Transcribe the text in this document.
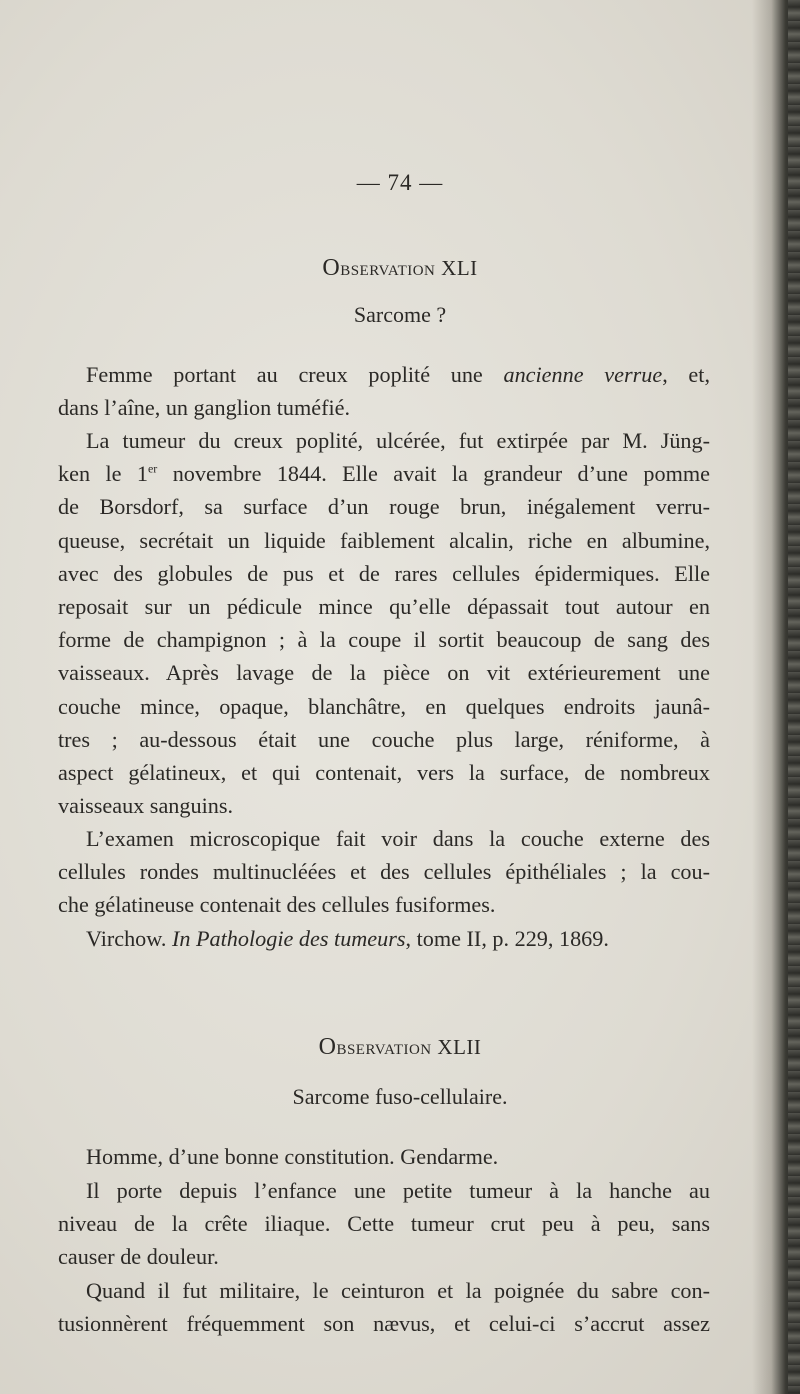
— 74 —
Observation XLI
Sarcome ?
Femme portant au creux poplité une ancienne verrue, et,
dans l’aîne, un ganglion tuméfié.
La tumeur du creux poplité, ulcérée, fut extirpée par M. Jüng-
ken le 1er novembre 1844. Elle avait la grandeur d’une pomme
de Borsdorf, sa surface d’un rouge brun, inégalement verru-
queuse, secrétait un liquide faiblement alcalin, riche en albumine,
avec des globules de pus et de rares cellules épidermiques. Elle
reposait sur un pédicule mince qu’elle dépassait tout autour en
forme de champignon ; à la coupe il sortit beaucoup de sang des
vaisseaux. Après lavage de la pièce on vit extérieurement une
couche mince, opaque, blanchâtre, en quelques endroits jaunâ-
tres ; au-dessous était une couche plus large, réniforme, à
aspect gélatineux, et qui contenait, vers la surface, de nombreux
vaisseaux sanguins.
L’examen microscopique fait voir dans la couche externe des
cellules rondes multinucléées et des cellules épithéliales ; la cou-
che gélatineuse contenait des cellules fusiformes.
Virchow. In Pathologie des tumeurs, tome II, p. 229, 1869.
Observation XLII
Sarcome fuso-cellulaire.
Homme, d’une bonne constitution. Gendarme.
Il porte depuis l’enfance une petite tumeur à la hanche au
niveau de la crête iliaque. Cette tumeur crut peu à peu, sans
causer de douleur.
Quand il fut militaire, le ceinturon et la poignée du sabre con-
tusionnèrent fréquemment son nævus, et celui-ci s’accrut assez
